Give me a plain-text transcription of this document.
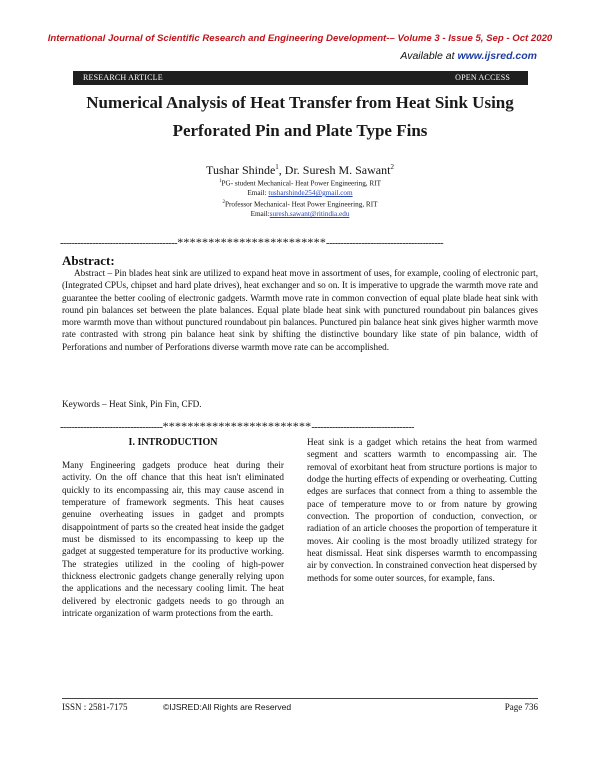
International Journal of Scientific Research and Engineering Development-– Volume 3 - Issue 5, Sep - Oct 2020
Available at www.ijsred.com
RESEARCH ARTICLE	OPEN ACCESS
Numerical Analysis of Heat Transfer from Heat Sink Using
Perforated Pin and Plate Type Fins
Tushar Shinde$^1$, Dr. Suresh M. Sawant$^2$
$^1$PG- student Mechanical- Heat Power Engineering, RIT
Email: tusharshinde254@gmail.com
$^2$Professor Mechanical- Heat Power Engineering, RIT
Email:suresh.sawant@ritindia.edu
----------------------------------------************************----------------------------------------
Abstract:
Abstract – Pin blades heat sink are utilized to expand heat move in assortment of uses, for example, cooling of electronic part, (Integrated CPUs, chipset and hard plate drives), heat exchanger and so on. It is imperative to upgrade the warmth move rate and guarantee the better cooling of electronic gadgets. Warmth move rate in common convection of equal plate blade heat sink with round pin balances set between the plate balances. Equal plate blade heat sink with punctured roundabout pin balances gives more warmth move than without punctured roundabout pin balances. Punctured pin balance heat sink gives higher warmth move rate contrasted with strong pin balance heat sink by shifting the distinctive boundary like state of pin balance, width of Perforations and number of Perforations diverse warmth move rate can be accomplished.
Keywords – Heat Sink, Pin Fin, CFD.
-----------------------------------************************-----------------------------------
I. INTRODUCTION
Many Engineering gadgets produce heat during their activity. On the off chance that this heat isn't eliminated quickly to its encompassing air, this may cause ascend in temperature of framework segments. This heat causes genuine overheating issues in gadget and prompts disappointment of parts so the created heat inside the gadget must be dismissed to its encompassing to keep up the gadget at suggested temperature for its productive working. The strategies utilized in the cooling of high-power thickness electronic gadgets change generally relying upon the applications and the necessary cooling limit. The heat delivered by electronic gadgets needs to go through an intricate organization of warm protections from the earth.
Heat sink is a gadget which retains the heat from warmed segment and scatters warmth to encompassing air. The removal of exorbitant heat from structure portions is major to dodge the hurting effects of expending or overheating. Cutting edges are surfaces that connect from a thing to assemble the pace of temperature move to or from nature by growing convection. The proportion of conduction, convection, or radiation of an article chooses the proportion of temperature it moves. Air cooling is the most broadly utilized strategy for heat dismissal. Heat sink disperses warmth to encompassing air by convection. In constrained convection heat dispersed by methods for some outer sources, for example, fans.
ISSN : 2581-7175	©IJSRED:All Rights are Reserved	Page 736
